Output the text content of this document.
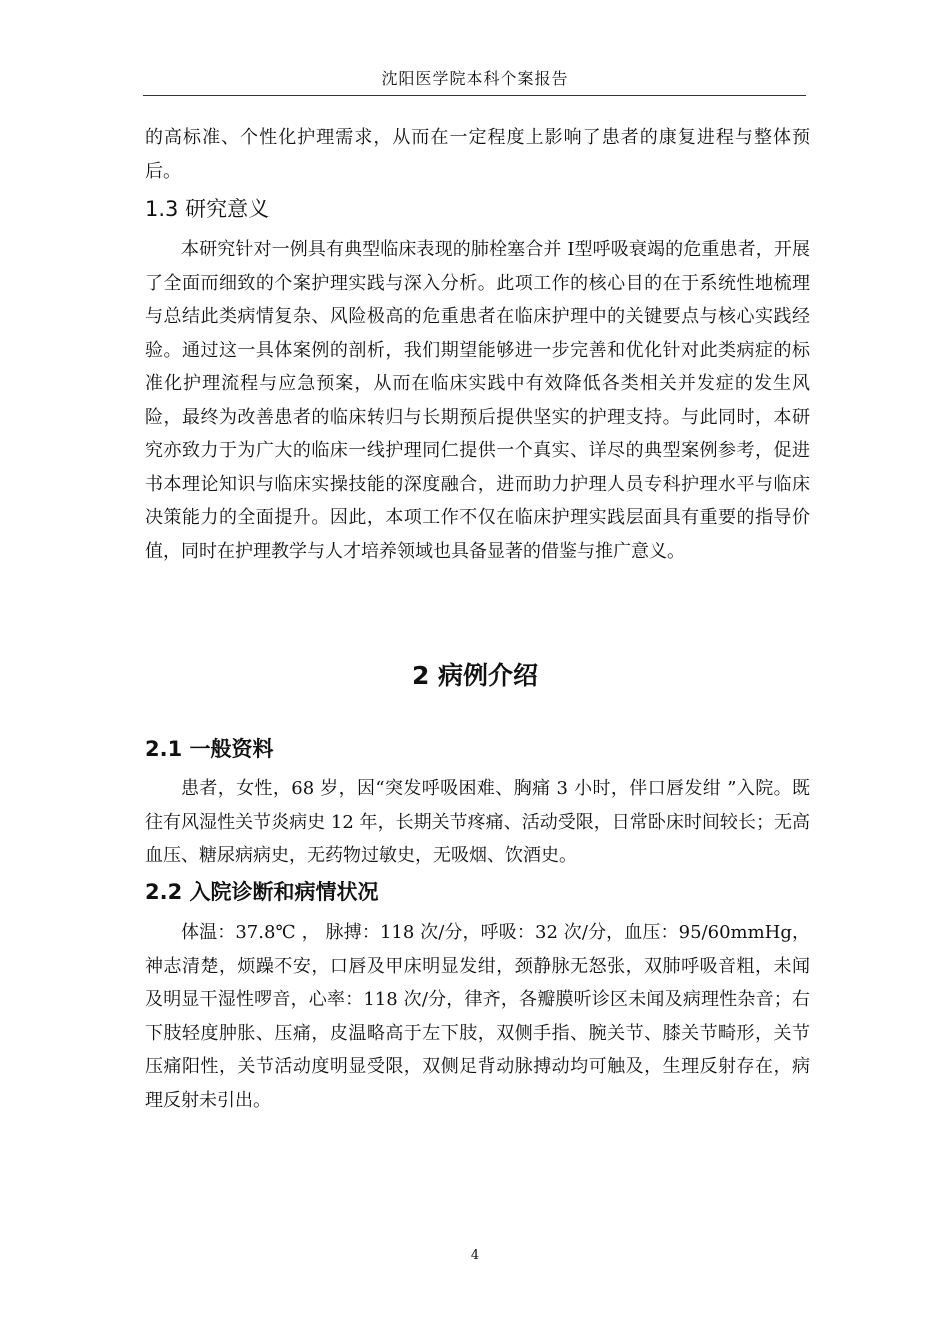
沈阳医学院本科个案报告

的高标准、个性化护理需求，从而在一定程度上影响了患者的康复进程与整体预后。

1.3 研究意义

本研究针对一例具有典型临床表现的肺栓塞合并 Ⅰ型呼吸衰竭的危重患者，开展了全面而细致的个案护理实践与深入分析。此项工作的核心目的在于系统性地梳理与总结此类病情复杂、风险极高的危重患者在临床护理中的关键要点与核心实践经验。通过这一具体案例的剖析，我们期望能够进一步完善和优化针对此类病症的标准化护理流程与应急预案，从而在临床实践中有效降低各类相关并发症的发生风险，最终为改善患者的临床转归与长期预后提供坚实的护理支持。与此同时，本研究亦致力于为广大的临床一线护理同仁提供一个真实、详尽的典型案例参考，促进书本理论知识与临床实操技能的深度融合，进而助力护理人员专科护理水平与临床决策能力的全面提升。因此，本项工作不仅在临床护理实践层面具有重要的指导价值，同时在护理教学与人才培养领域也具备显著的借鉴与推广意义。

2 病例介绍
2.1 一般资料

患者，女性，68 岁，因“突发呼吸困难、胸痛 3 小时，伴口唇发绀 ”入院。既往有风湿性关节炎病史 12 年，长期关节疼痛、活动受限，日常卧床时间较长；无高血压、糖尿病病史，无药物过敏史，无吸烟、饮酒史。

2.2 入院诊断和病情状况

体温：37.8℃ ， 脉搏：118 次/分，呼吸：32 次/分，血压：95/60mmHg，神志清楚，烦躁不安，口唇及甲床明显发绀，颈静脉无怒张，双肺呼吸音粗，未闻及明显干湿性啰音，心率：118 次/分，律齐，各瓣膜听诊区未闻及病理性杂音；右下肢轻度肿胀、压痛，皮温略高于左下肢，双侧手指、腕关节、膝关节畸形，关节压痛阳性，关节活动度明显受限，双侧足背动脉搏动均可触及，生理反射存在，病理反射未引出。

4
